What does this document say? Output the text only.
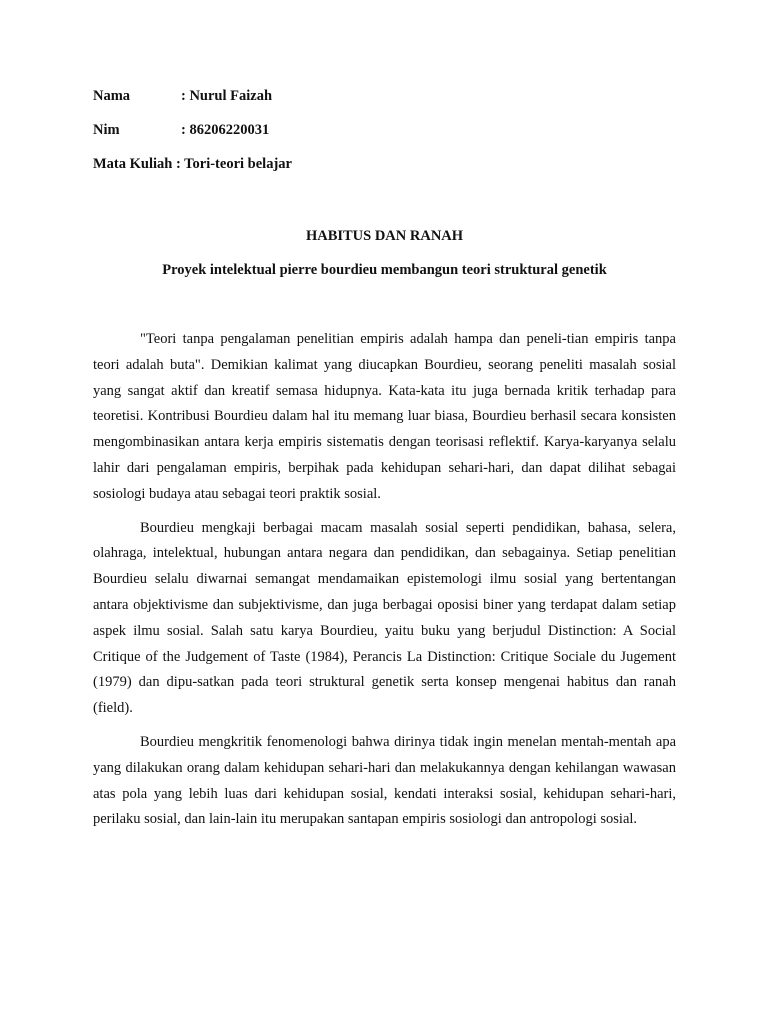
Nama	: Nurul Faizah
Nim	: 86206220031
Mata Kuliah : Tori-teori belajar
HABITUS DAN RANAH
Proyek intelektual pierre bourdieu membangun teori struktural genetik

"Teori tanpa pengalaman penelitian empiris adalah hampa dan peneli-tian empiris tanpa teori adalah buta". Demikian kalimat yang diucapkan Bourdieu, seorang peneliti masalah sosial yang sangat aktif dan kreatif semasa hidupnya. Kata-kata itu juga bernada kritik terhadap para teoretisi. Kontribusi Bourdieu dalam hal itu memang luar biasa, Bourdieu berhasil secara konsisten mengombinasikan antara kerja empiris sistematis dengan teorisasi reflektif. Karya-karyanya selalu lahir dari pengalaman empiris, berpihak pada kehidupan sehari-hari, dan dapat dilihat sebagai sosiologi budaya atau sebagai teori praktik sosial.

Bourdieu mengkaji berbagai macam masalah sosial seperti pendidikan, bahasa, selera, olahraga, intelektual, hubungan antara negara dan pendidikan, dan sebagainya. Setiap penelitian Bourdieu selalu diwarnai semangat mendamaikan epistemologi ilmu sosial yang bertentangan antara objektivisme dan subjektivisme, dan juga berbagai oposisi biner yang terdapat dalam setiap aspek ilmu sosial. Salah satu karya Bourdieu, yaitu buku yang berjudul Distinction: A Social Critique of the Judgement of Taste (1984), Perancis La Distinction: Critique Sociale du Jugement (1979) dan dipu-satkan pada teori struktural genetik serta konsep mengenai habitus dan ranah (field).

Bourdieu mengkritik fenomenologi bahwa dirinya tidak ingin menelan mentah-mentah apa yang dilakukan orang dalam kehidupan sehari-hari dan melakukannya dengan kehilangan wawasan atas pola yang lebih luas dari kehidupan sosial, kendati interaksi sosial, kehidupan sehari-hari, perilaku sosial, dan lain-lain itu merupakan santapan empiris sosiologi dan antropologi sosial.
